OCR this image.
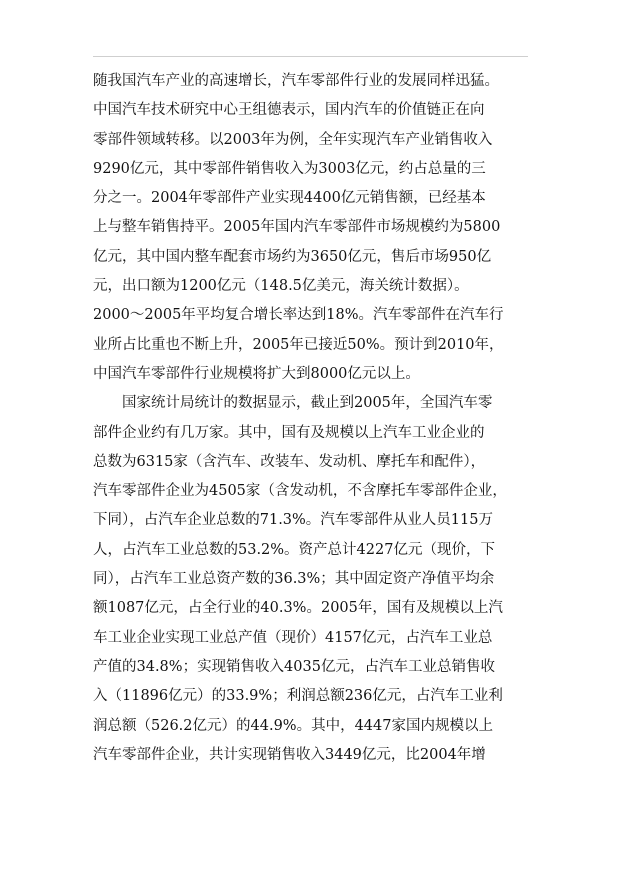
随我国汽车产业的高速增长，汽车零部件行业的发展同样迅猛。
中国汽车技术研究中心王组德表示，国内汽车的价值链正在向
零部件领域转移。以2003年为例，全年实现汽车产业销售收入
9290亿元，其中零部件销售收入为3003亿元，约占总量的三
分之一。2004年零部件产业实现4400亿元销售额，已经基本
上与整车销售持平。2005年国内汽车零部件市场规模约为5800
亿元，其中国内整车配套市场约为3650亿元，售后市场950亿
元，出口额为1200亿元（148.5亿美元，海关统计数据）。
2000～2005年平均复合增长率达到18%。汽车零部件在汽车行
业所占比重也不断上升，2005年已接近50%。预计到2010年，
中国汽车零部件行业规模将扩大到8000亿元以上。
国家统计局统计的数据显示，截止到2005年，全国汽车零
部件企业约有几万家。其中，国有及规模以上汽车工业企业的
总数为6315家（含汽车、改装车、发动机、摩托车和配件），
汽车零部件企业为4505家（含发动机，不含摩托车零部件企业，
下同），占汽车企业总数的71.3%。汽车零部件从业人员115万
人，占汽车工业总数的53.2%。资产总计4227亿元（现价，下
同），占汽车工业总资产数的36.3%；其中固定资产净值平均余
额1087亿元，占全行业的40.3%。2005年，国有及规模以上汽
车工业企业实现工业总产值（现价）4157亿元，占汽车工业总
产值的34.8%；实现销售收入4035亿元，占汽车工业总销售收
入（11896亿元）的33.9%；利润总额236亿元，占汽车工业利
润总额（526.2亿元）的44.9%。其中，4447家国内规模以上
汽车零部件企业，共计实现销售收入3449亿元，比2004年增
